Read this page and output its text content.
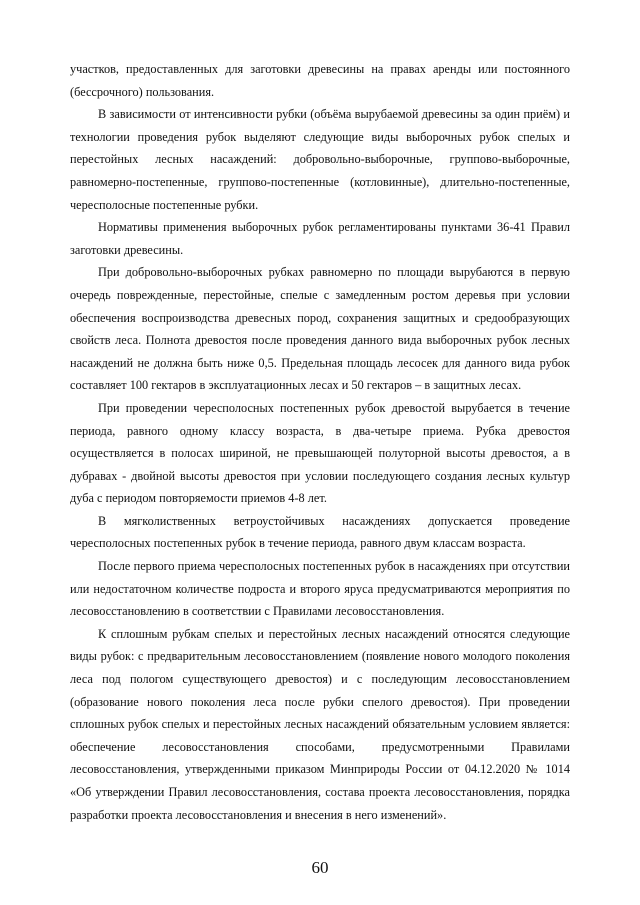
участков, предоставленных для заготовки древесины на правах аренды или постоянного (бессрочного) пользования.

В зависимости от интенсивности рубки (объёма вырубаемой древесины за один приём) и технологии проведения рубок выделяют следующие виды выборочных рубок спелых и перестойных лесных насаждений: добровольно-выборочные, группово-выборочные, равномерно-постепенные, группово-постепенные (котловинные), длительно-постепенные, чересполосные постепенные рубки.

Нормативы применения выборочных рубок регламентированы пунктами 36-41 Правил заготовки древесины.

При добровольно-выборочных рубках равномерно по площади вырубаются в первую очередь поврежденные, перестойные, спелые с замедленным ростом деревья при условии обеспечения воспроизводства древесных пород, сохранения защитных и средообразующих свойств леса. Полнота древостоя после проведения данного вида выборочных рубок лесных насаждений не должна быть ниже 0,5. Предельная площадь лесосек для данного вида рубок составляет 100 гектаров в эксплуатационных лесах и 50 гектаров – в защитных лесах.

При проведении чересполосных постепенных рубок древостой вырубается в течение периода, равного одному классу возраста, в два-четыре приема. Рубка древостоя осуществляется в полосах шириной, не превышающей полуторной высоты древостоя, а в дубравах - двойной высоты древостоя при условии последующего создания лесных культур дуба с периодом повторяемости приемов 4-8 лет.

В мягколиственных ветроустойчивых насаждениях допускается проведение чересполосных постепенных рубок в течение периода, равного двум классам возраста.

После первого приема чересполосных постепенных рубок в насаждениях при отсутствии или недостаточном количестве подроста и второго яруса предусматриваются мероприятия по лесовосстановлению в соответствии с Правилами лесовосстановления.

К сплошным рубкам спелых и перестойных лесных насаждений относятся следующие виды рубок: с предварительным лесовосстановлением (появление нового молодого поколения леса под пологом существующего древостоя) и с последующим лесовосстановлением (образование нового поколения леса после рубки спелого древостоя). При проведении сплошных рубок спелых и перестойных лесных насаждений обязательным условием является: обеспечение лесовосстановления способами, предусмотренными Правилами лесовосстановления, утвержденными приказом Минприроды России от 04.12.2020 № 1014 «Об утверждении Правил лесовосстановления, состава проекта лесовосстановления, порядка разработки проекта лесовосстановления и внесения в него изменений».

60
